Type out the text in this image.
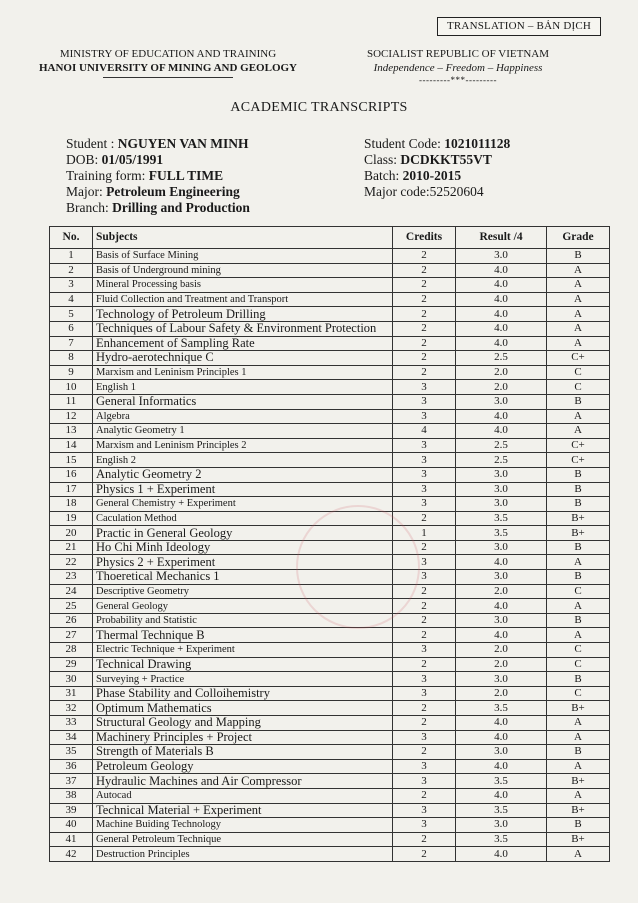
TRANSLATION – BẢN DỊCH
MINISTRY OF EDUCATION AND TRAINING
HANOI UNIVERSITY OF MINING AND GEOLOGY
SOCIALIST REPUBLIC OF VIETNAM
Independence – Freedom – Happiness
---------***---------
ACADEMIC TRANSCRIPTS
Student : NGUYEN VAN MINH
DOB: 01/05/1991
Training form: FULL TIME
Major: Petroleum Engineering
Branch: Drilling and Production
Student Code: 1021011128
Class: DCDKKT55VT
Batch: 2010-2015
Major code:52520604
No.	Subjects	Credits	Result /4	Grade
1	Basis of Surface Mining	2	3.0	B
2	Basis of Underground mining	2	4.0	A
3	Mineral Processing basis	2	4.0	A
4	Fluid Collection and Treatment and Transport	2	4.0	A
5	Technology of Petroleum Drilling	2	4.0	A
6	Techniques of Labour Safety & Environment Protection	2	4.0	A
7	Enhancement of Sampling Rate	2	4.0	A
8	Hydro-aerotechnique C	2	2.5	C+
9	Marxism and Leninism Principles 1	2	2.0	C
10	English 1	3	2.0	C
11	General Informatics	3	3.0	B
12	Algebra	3	4.0	A
13	Analytic Geometry 1	4	4.0	A
14	Marxism and Leninism Principles 2	3	2.5	C+
15	English 2	3	2.5	C+
16	Analytic Geometry 2	3	3.0	B
17	Physics 1 + Experiment	3	3.0	B
18	General Chemistry + Experiment	3	3.0	B
19	Caculation Method	2	3.5	B+
20	Practic in General Geology	1	3.5	B+
21	Ho Chi Minh Ideology	2	3.0	B
22	Physics 2 + Experiment	3	4.0	A
23	Thoeretical Mechanics 1	3	3.0	B
24	Descriptive Geometry	2	2.0	C
25	General Geology	2	4.0	A
26	Probability and Statistic	2	3.0	B
27	Thermal Technique B	2	4.0	A
28	Electric Technique + Experiment	3	2.0	C
29	Technical Drawing	2	2.0	C
30	Surveying + Practice	3	3.0	B
31	Phase Stability and Colloihemistry	3	2.0	C
32	Optimum Mathematics	2	3.5	B+
33	Structural Geology and Mapping	2	4.0	A
34	Machinery Principles + Project	3	4.0	A
35	Strength of Materials B	2	3.0	B
36	Petroleum Geology	3	4.0	A
37	Hydraulic Machines and Air Compressor	3	3.5	B+
38	Autocad	2	4.0	A
39	Technical Material + Experiment	3	3.5	B+
40	Machine Buiding Technology	3	3.0	B
41	General Petroleum Technique	2	3.5	B+
42	Destruction Principles	2	4.0	A
